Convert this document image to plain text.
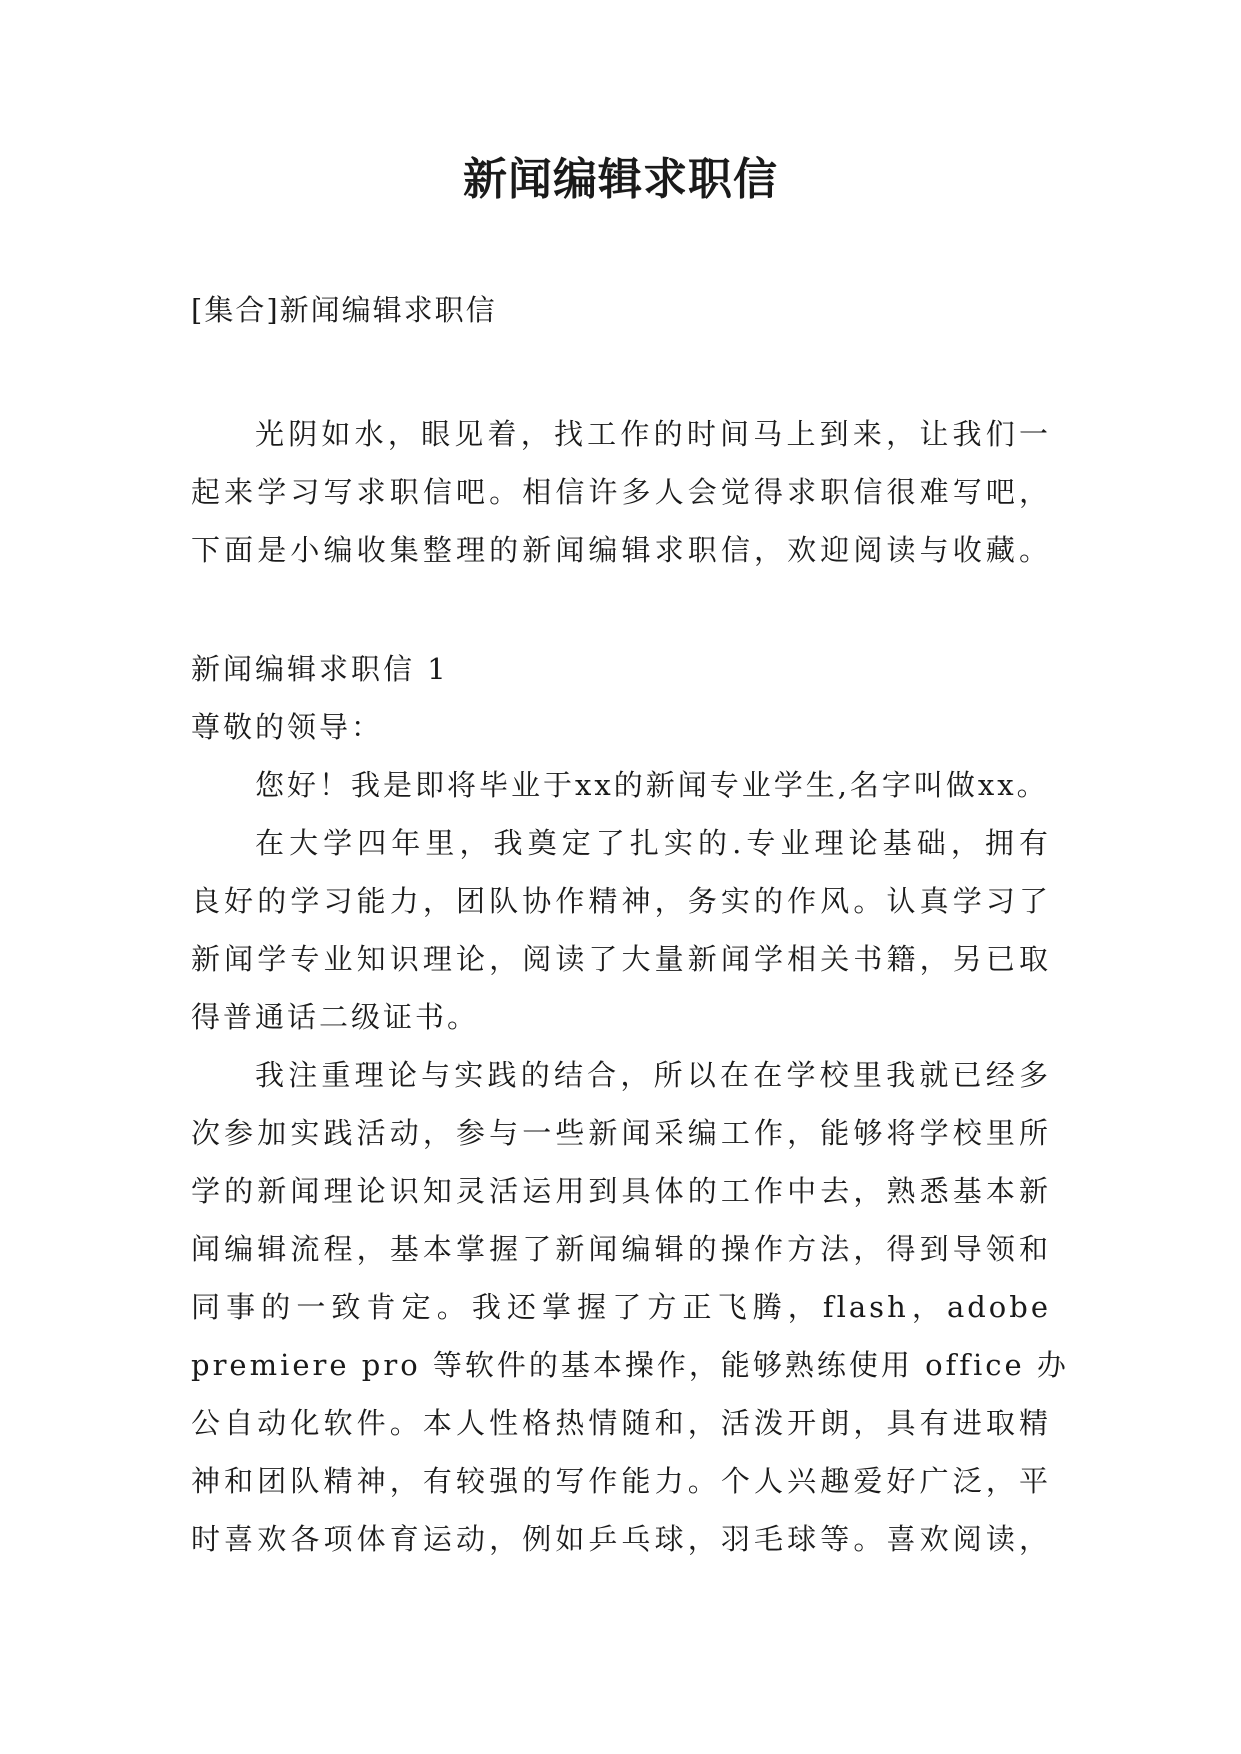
新闻编辑求职信
[集合]新闻编辑求职信
光阴如水，眼见着，找工作的时间马上到来，让我们一
起来学习写求职信吧。相信许多人会觉得求职信很难写吧，
下面是小编收集整理的新闻编辑求职信，欢迎阅读与收藏。
新闻编辑求职信 1
尊敬的领导：
您好！我是即将毕业于xx的新闻专业学生,名字叫做xx。
在大学四年里，我奠定了扎实的.专业理论基础，拥有
良好的学习能力，团队协作精神，务实的作风。认真学习了
新闻学专业知识理论，阅读了大量新闻学相关书籍，另已取
得普通话二级证书。
我注重理论与实践的结合，所以在在学校里我就已经多
次参加实践活动，参与一些新闻采编工作，能够将学校里所
学的新闻理论识知灵活运用到具体的工作中去，熟悉基本新
闻编辑流程，基本掌握了新闻编辑的操作方法，得到导领和
同事的一致肯定。我还掌握了方正飞腾，flash，adobe
premiere pro 等软件的基本操作，能够熟练使用 office 办
公自动化软件。本人性格热情随和，活泼开朗，具有进取精
神和团队精神，有较强的写作能力。个人兴趣爱好广泛，平
时喜欢各项体育运动，例如乒乓球，羽毛球等。喜欢阅读，
